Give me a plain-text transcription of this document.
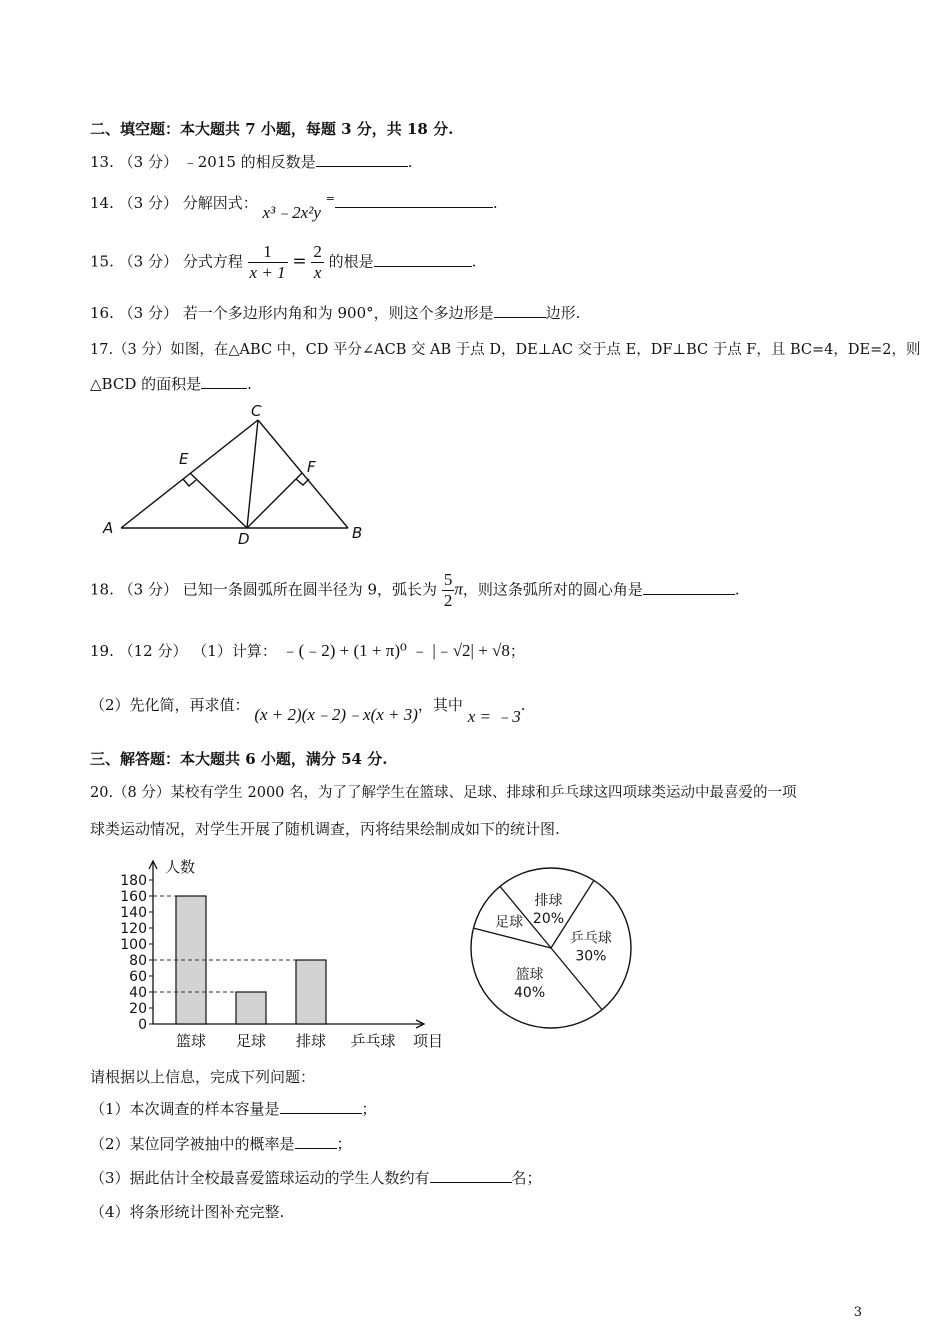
二、填空题：本大题共 7 小题，每题 3 分，共 18 分.
13. （3 分） ﹣2015 的相反数是	.
14. （3 分） 分解因式： x³﹣2x²y =	.
15. （3 分） 分式方程 $\frac{1}{x + 1} = \frac{2}{x}$ 的根是	.
16. （3 分） 若一个多边形内角和为 900°，则这个多边形是	边形.
17.（3 分）如图，在△ABC 中，CD 平分∠ACB 交 AB 于点 D，DE⊥AC 交于点 E，DF⊥BC 于点 F，且 BC=4，DE=2，则
△BCD 的面积是	.
A	B
C
D
E	F
18. （3 分） 已知一条圆弧所在圆半径为 9，弧长为 $\frac{5}{2}$ π，则这条弧所对的圆心角是	.
19. （12 分） （1）计算： ﹣(﹣2) + (1 + π)⁰ ﹣ |﹣√2| + √8；
（2）先化简，再求值： (x + 2)(x﹣2)﹣x(x + 3)，其中 x = ﹣3.
三、解答题：本大题共 6 小题，满分 54 分.
20.（8 分）某校有学生 2000 名，为了了解学生在篮球、足球、排球和乒乓球这四项球类运动中最喜爱的一项
球类运动情况，对学生开展了随机调查，丙将结果绘制成如下的统计图.
人数
项目
0
20
40
60
80
100
120
140
160
180
篮球 足球 排球 乒乓球
排球
20%
乒乓球
30%
篮球
40%
足球
请根据以上信息，完成下列问题：
（1）本次调查的样本容量是	；
（2）某位同学被抽中的概率是	；
（3）据此估计全校最喜爱篮球运动的学生人数约有	名；
（4）将条形统计图补充完整.
3
